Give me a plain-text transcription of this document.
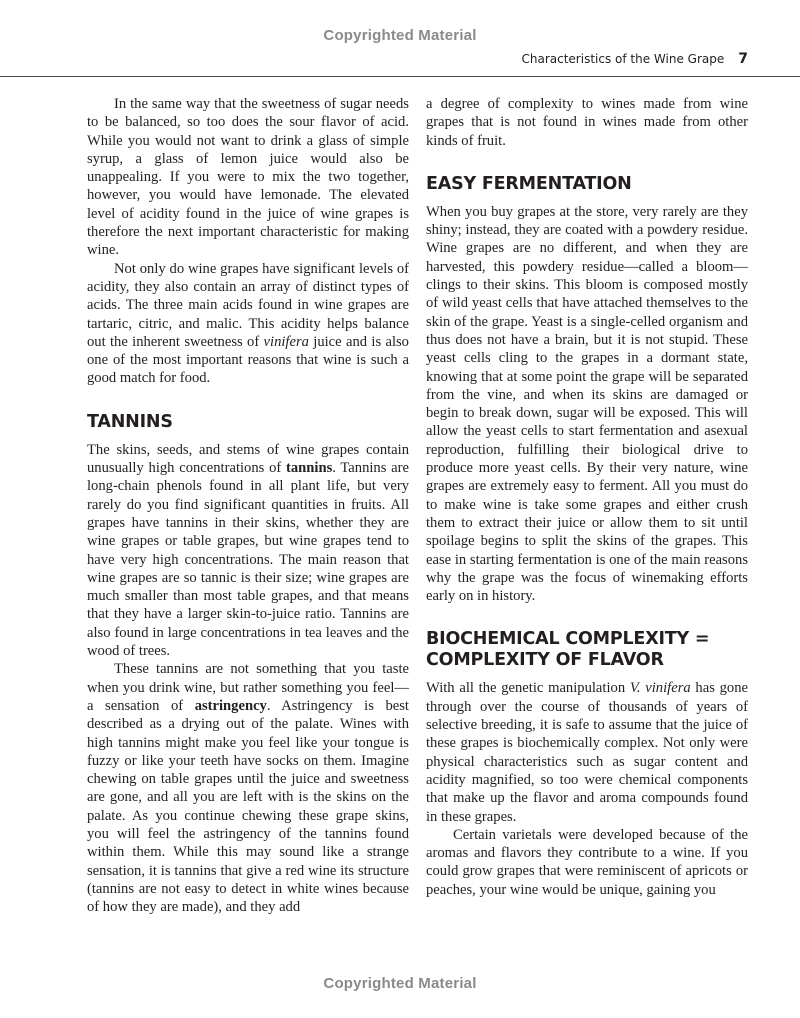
Copyrighted Material
Characteristics of the Wine Grape 7

In the same way that the sweetness of sugar needs to be balanced, so too does the sour flavor of acid. While you would not want to drink a glass of simple syrup, a glass of lemon juice would also be unappealing. If you were to mix the two together, however, you would have lemonade. The elevated level of acidity found in the juice of wine grapes is therefore the next important characteristic for making wine.

Not only do wine grapes have significant levels of acidity, they also contain an array of distinct types of acids. The three main acids found in wine grapes are tartaric, citric, and malic. This acidity helps balance out the inherent sweetness of vinifera juice and is also one of the most important reasons that wine is such a good match for food.

TANNINS

The skins, seeds, and stems of wine grapes contain unusually high concentrations of tannins. Tannins are long-chain phenols found in all plant life, but very rarely do you find significant quantities in fruits. All grapes have tannins in their skins, whether they are wine grapes or table grapes, but wine grapes tend to have very high concentrations. The main reason that wine grapes are so tannic is their size; wine grapes are much smaller than most table grapes, and that means that they have a larger skin-to-juice ratio. Tannins are also found in large concentrations in tea leaves and the wood of trees.

These tannins are not something that you taste when you drink wine, but rather something you feel—a sensation of astringency. Astringency is best described as a drying out of the palate. Wines with high tannins might make you feel like your tongue is fuzzy or like your teeth have socks on them. Imagine chewing on table grapes until the juice and sweetness are gone, and all you are left with is the skins on the palate. As you continue chewing these grape skins, you will feel the astringency of the tannins found within them. While this may sound like a strange sensation, it is tannins that give a red wine its structure (tannins are not easy to detect in white wines because of how they are made), and they add

a degree of complexity to wines made from wine grapes that is not found in wines made from other kinds of fruit.

EASY FERMENTATION

When you buy grapes at the store, very rarely are they shiny; instead, they are coated with a powdery residue. Wine grapes are no different, and when they are harvested, this powdery residue—called a bloom—clings to their skins. This bloom is composed mostly of wild yeast cells that have attached themselves to the skin of the grape. Yeast is a single-celled organism and thus does not have a brain, but it is not stupid. These yeast cells cling to the grapes in a dormant state, knowing that at some point the grape will be separated from the vine, and when its skins are damaged or begin to break down, sugar will be exposed. This will allow the yeast cells to start fermentation and asexual reproduction, fulfilling their biological drive to produce more yeast cells. By their very nature, wine grapes are extremely easy to ferment. All you must do to make wine is take some grapes and either crush them to extract their juice or allow them to sit until spoilage begins to split the skins of the grapes. This ease in starting fermentation is one of the main reasons why the grape was the focus of winemaking efforts early on in history.

BIOCHEMICAL COMPLEXITY =
COMPLEXITY OF FLAVOR

With all the genetic manipulation V. vinifera has gone through over the course of thousands of years of selective breeding, it is safe to assume that the juice of these grapes is biochemically complex. Not only were physical characteristics such as sugar content and acidity magnified, so too were chemical components that make up the flavor and aroma compounds found in these grapes.

Certain varietals were developed because of the aromas and flavors they contribute to a wine. If you could grow grapes that were reminiscent of apricots or peaches, your wine would be unique, gaining you

Copyrighted Material
